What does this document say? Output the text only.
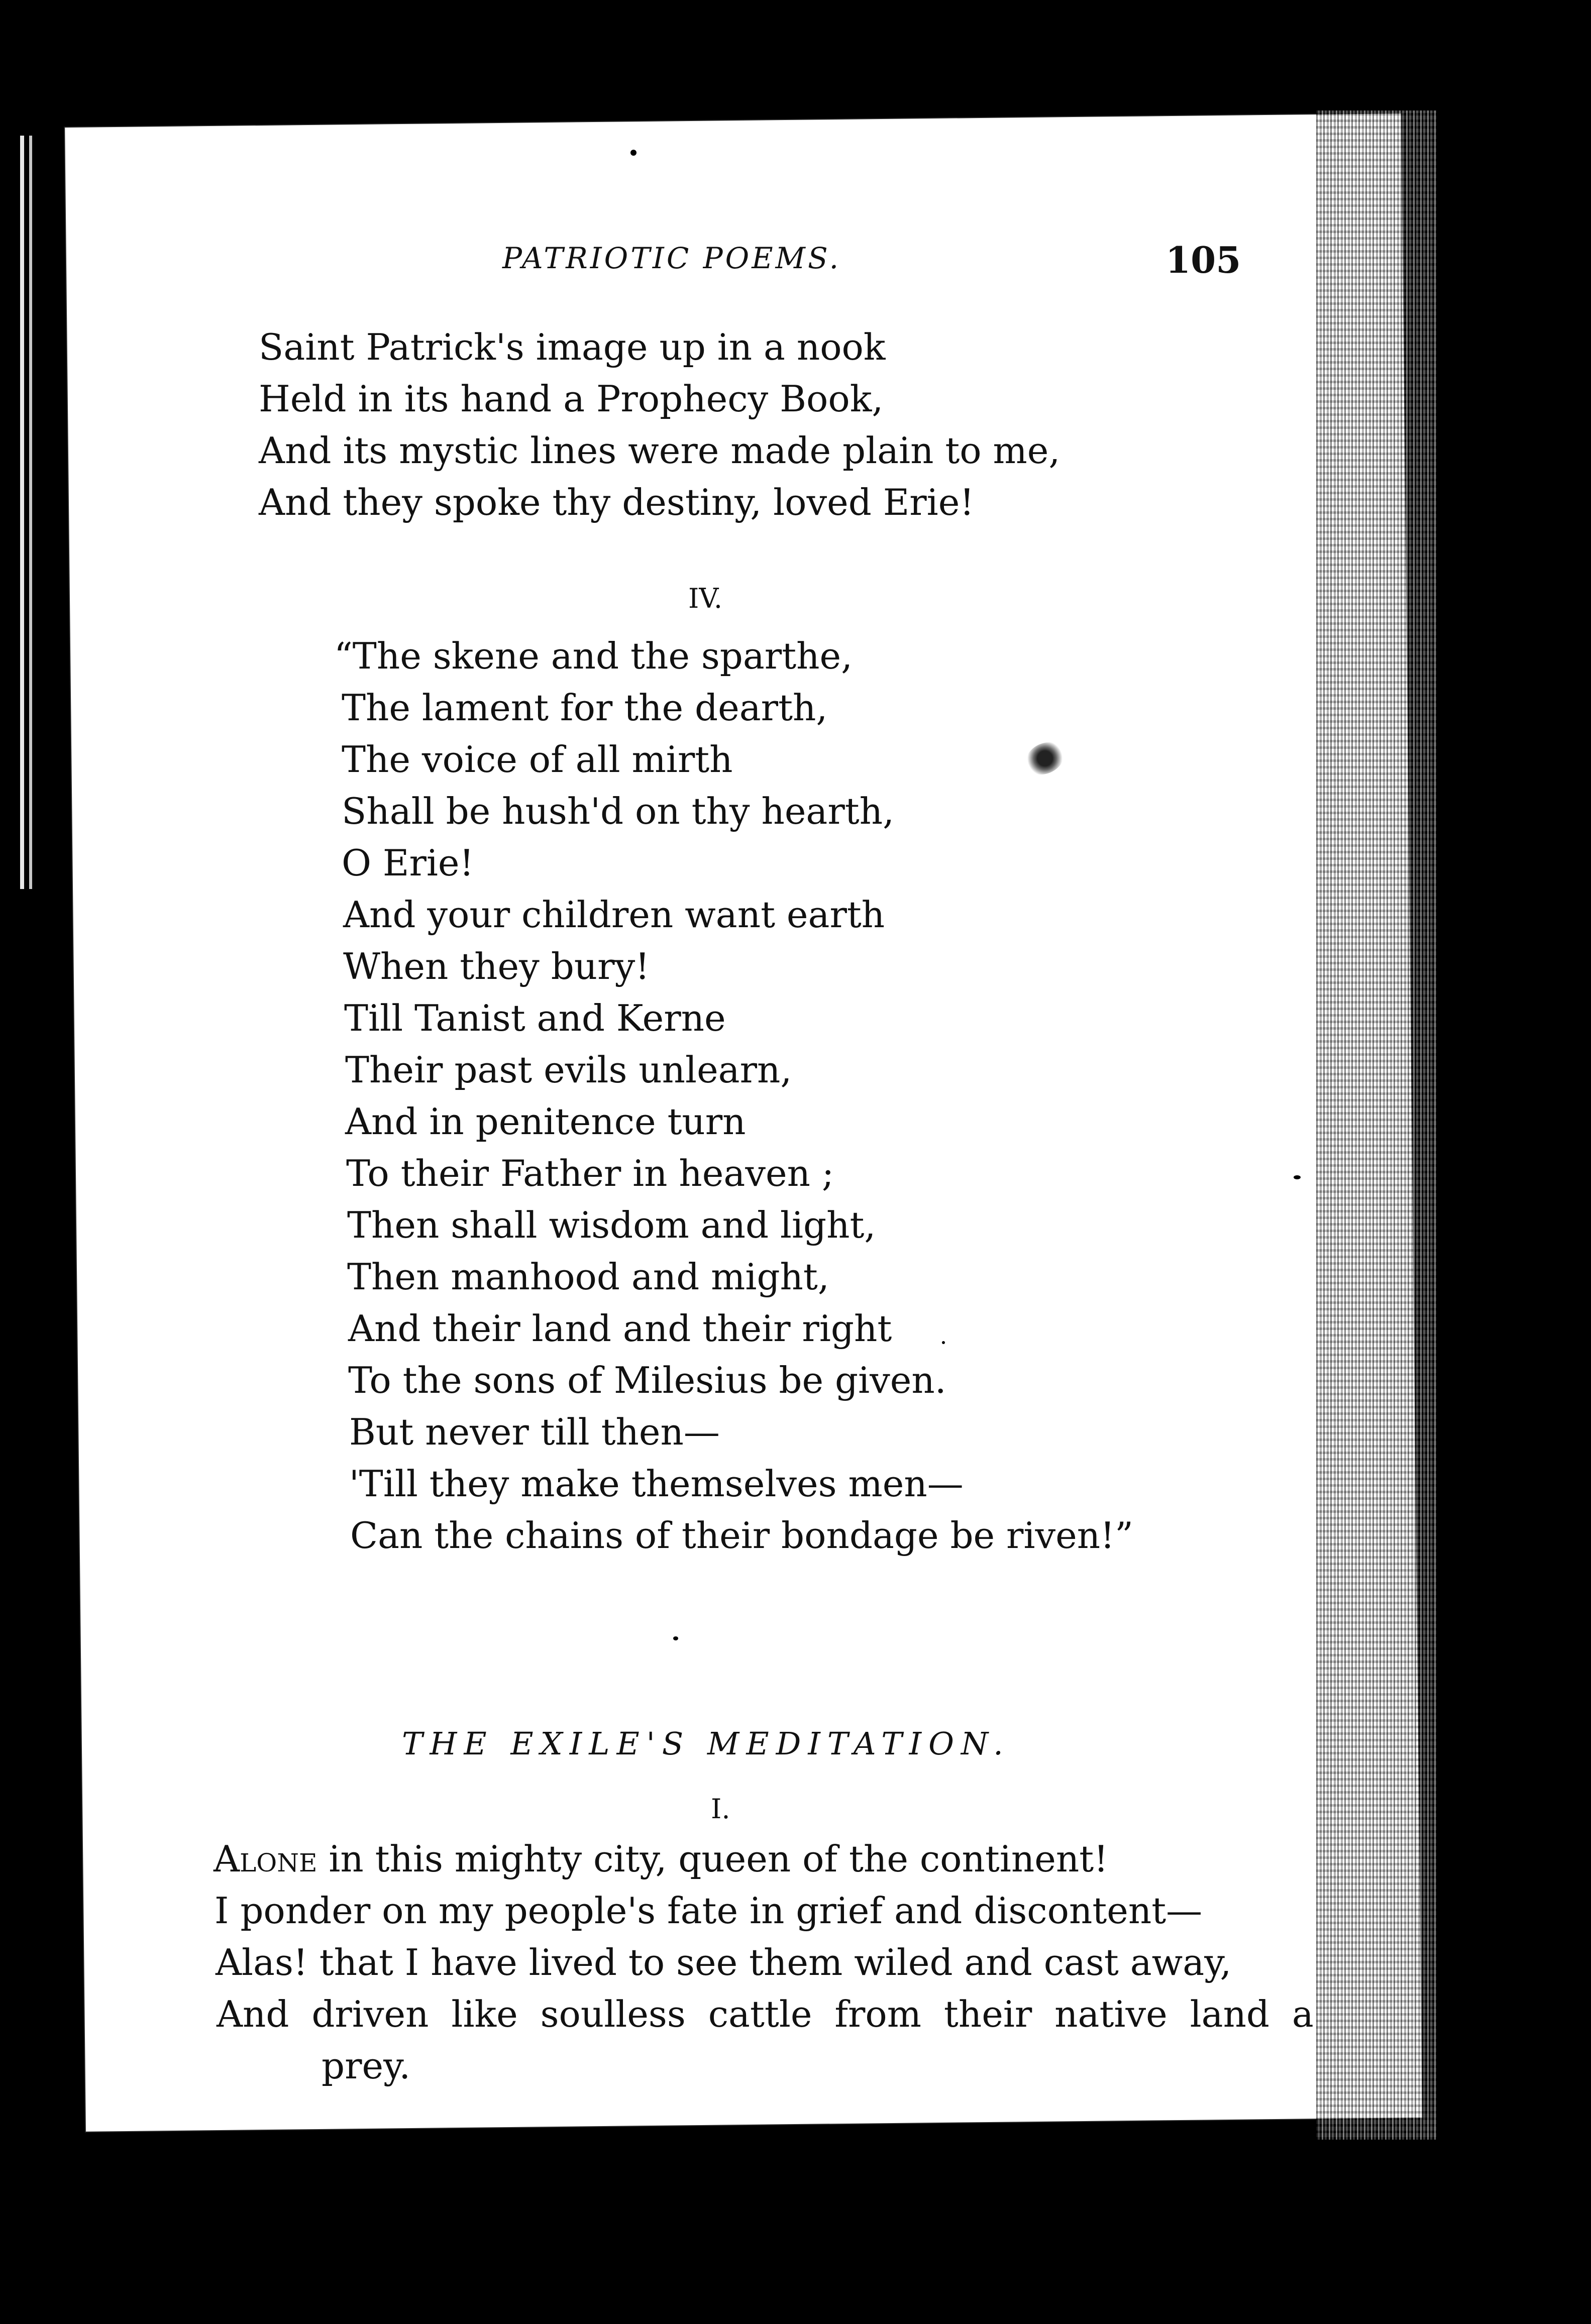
PATRIOTIC POEMS.	105
Saint Patrick's image up in a nook
Held in its hand a Prophecy Book,
And its mystic lines were made plain to me,
And they spoke thy destiny, loved Erie!
IV.
“The skene and the sparthe,
The lament for the dearth,
The voice of all mirth
Shall be hush'd on thy hearth,
O Erie!
And your children want earth
When they bury!
Till Tanist and Kerne
Their past evils unlearn,
And in penitence turn
To their Father in heaven ;
Then shall wisdom and light,
Then manhood and might,
And their land and their right
To the sons of Milesius be given.
But never till then—
'Till they make themselves men—
Can the chains of their bondage be riven!”
THE EXILE'S MEDITATION.
I.
Alone in this mighty city, queen of the continent!
I ponder on my people's fate in grief and discontent—
Alas! that I have lived to see them wiled and cast away,
And driven like soulless cattle from their native land a
prey.
